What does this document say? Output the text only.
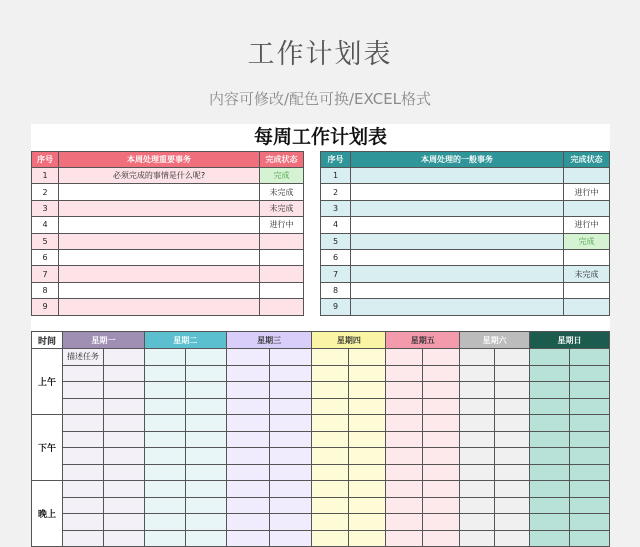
工作计划表
内容可修改/配色可换/EXCEL格式
每周工作计划表
序号	本周处理重要事务	完成状态
1	必须完成的事情是什么呢?	完成
2		未完成
3		未完成
4		进行中
5		
6		
7		
8		
9		
序号	本周处理的一般事务	完成状态
1		
2		进行中
3		
4		进行中
5		完成
6		
7		未完成
8		
9		
时间	星期一		星期二		星期三		星期四		星期五		星期六		星期日	
上午	描述任务													

下午														

晚上														
